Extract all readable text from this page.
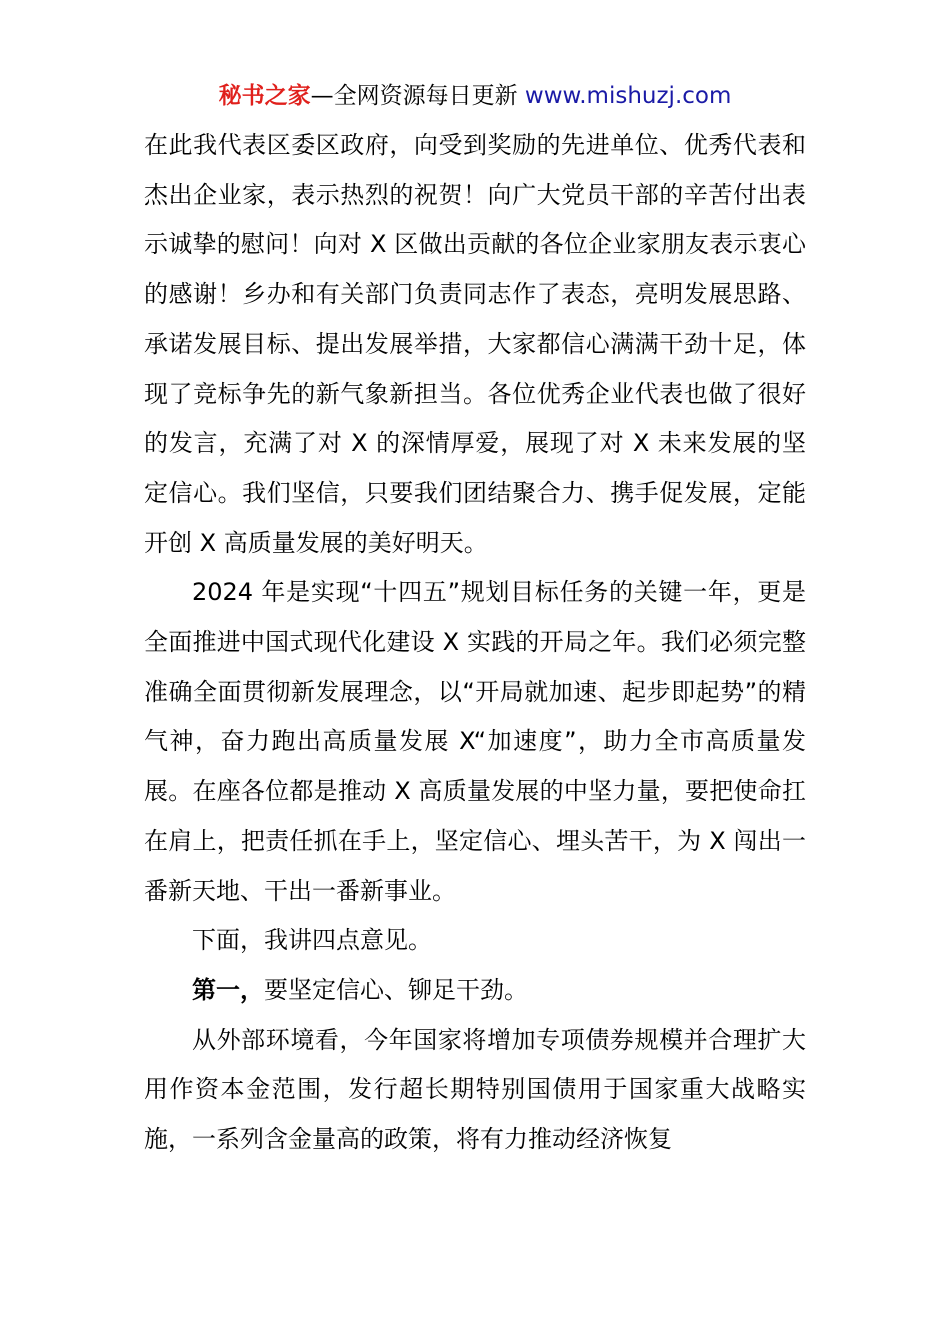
秘书之家—全网资源每日更新 www.mishuzj.com

在此我代表区委区政府，向受到奖励的先进单位、优秀代表和杰出企业家，表示热烈的祝贺！向广大党员干部的辛苦付出表示诚挚的慰问！向对 X 区做出贡献的各位企业家朋友表示衷心的感谢！乡办和有关部门负责同志作了表态，亮明发展思路、承诺发展目标、提出发展举措，大家都信心满满干劲十足，体现了竞标争先的新气象新担当。各位优秀企业代表也做了很好的发言，充满了对 X 的深情厚爱，展现了对 X 未来发展的坚定信心。我们坚信，只要我们团结聚合力、携手促发展，定能开创 X 高质量发展的美好明天。

2024 年是实现“十四五”规划目标任务的关键一年，更是全面推进中国式现代化建设 X 实践的开局之年。我们必须完整准确全面贯彻新发展理念，以“开局就加速、起步即起势”的精气神，奋力跑出高质量发展 X“加速度”，助力全市高质量发展。在座各位都是推动 X 高质量发展的中坚力量，要把使命扛在肩上，把责任抓在手上，坚定信心、埋头苦干，为 X 闯出一番新天地、干出一番新事业。

下面，我讲四点意见。

第一，要坚定信心、铆足干劲。

从外部环境看，今年国家将增加专项债券规模并合理扩大用作资本金范围，发行超长期特别国债用于国家重大战略实施，一系列含金量高的政策，将有力推动经济恢复
